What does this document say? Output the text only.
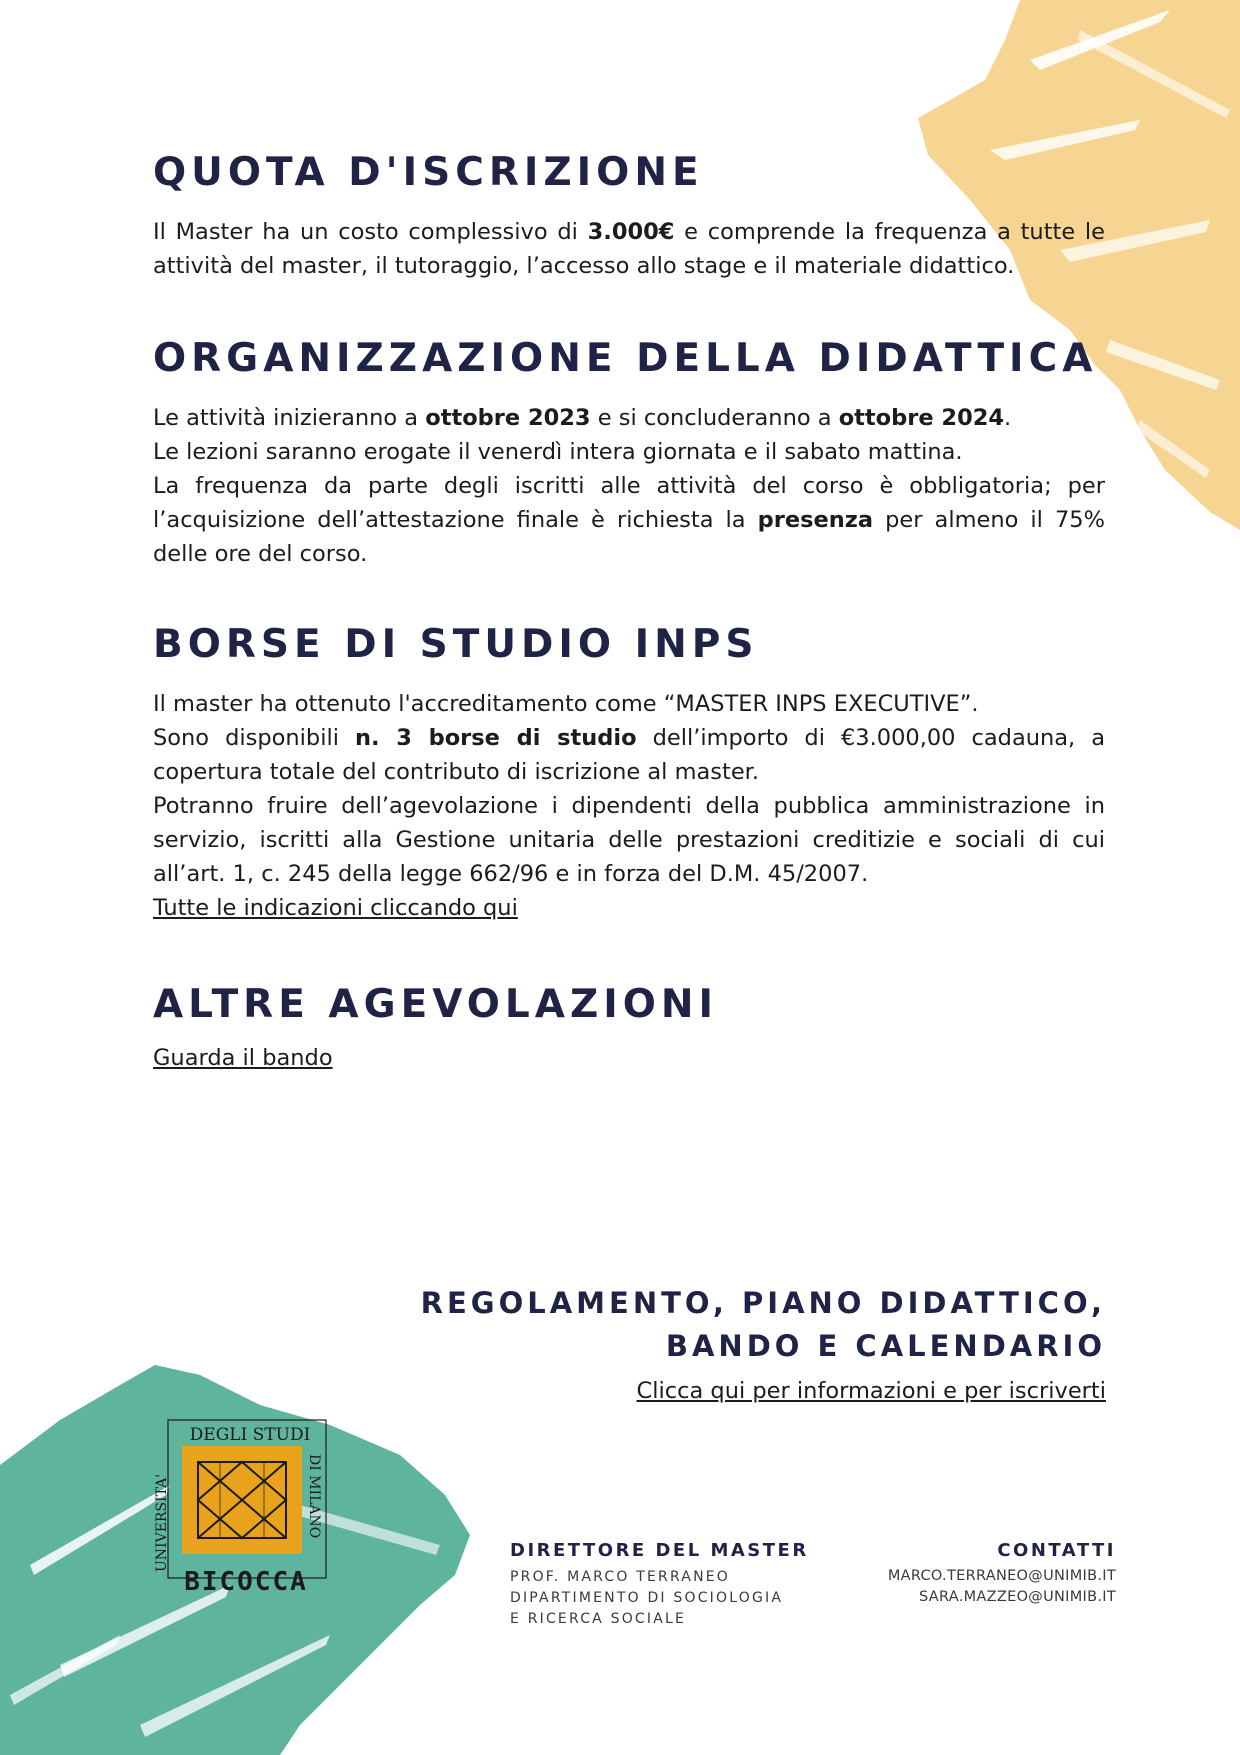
QUOTA D'ISCRIZIONE

Il Master ha un costo complessivo di 3.000€ e comprende la frequenza a tutte le attività del master, il tutoraggio, l’accesso allo stage e il materiale didattico.

ORGANIZZAZIONE DELLA DIDATTICA

Le attività inizieranno a ottobre 2023 e si concluderanno a ottobre 2024.
Le lezioni saranno erogate il venerdì intera giornata e il sabato mattina.
La frequenza da parte degli iscritti alle attività del corso è obbligatoria; per l’acquisizione dell’attestazione finale è richiesta la presenza per almeno il 75% delle ore del corso.

BORSE DI STUDIO INPS

Il master ha ottenuto l'accreditamento come “MASTER INPS EXECUTIVE”.
Sono disponibili n. 3 borse di studio dell’importo di €3.000,00 cadauna, a copertura totale del contributo di iscrizione al master.
Potranno fruire dell’agevolazione i dipendenti della pubblica amministrazione in servizio, iscritti alla Gestione unitaria delle prestazioni creditizie e sociali di cui all’art. 1, c. 245 della legge 662/96 e in forza del D.M. 45/2007.
Tutte le indicazioni cliccando qui

ALTRE AGEVOLAZIONI
Guarda il bando
REGOLAMENTO, PIANO DIDATTICO,
BANDO E CALENDARIO
Clicca qui per informazioni e per iscriverti
DEGLI STUDI
UNIVERSITA'	DI MILANO
BICOCCA
DIRETTORE DEL MASTER
PROF. MARCO TERRANEO
DIPARTIMENTO DI SOCIOLOGIA
E RICERCA SOCIALE
CONTATTI
MARCO.TERRANEO@UNIMIB.IT
SARA.MAZZEO@UNIMIB.IT
